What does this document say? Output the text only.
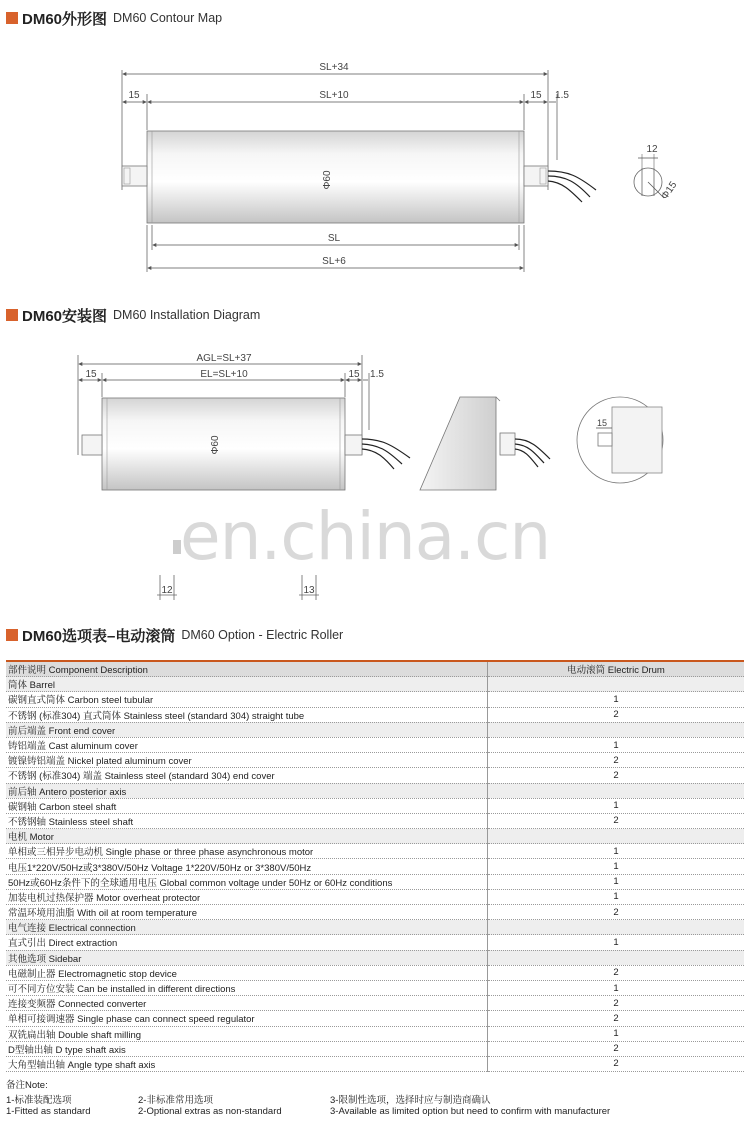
DM60外形图 DM60 Contour Map
SL+34
15	SL+10	15 1.5
Φ60
SL
SL+6
12
Φ15
DM60安装图 DM60 Installation Diagram
AGL=SL+37
15	EL=SL+10	15 1.5
Φ60
15
12	13
en.china.cn
DM60选项表–电动滚筒 DM60 Option - Electric Roller
部件说明 Component Description	电动滚筒 Electric Drum
筒体 Barrel	
碳钢直式筒体 Carbon steel tubular	1
不锈钢 (标准304) 直式筒体 Stainless steel (standard 304) straight tube	2
前后端盖 Front end cover	
铸铝端盖 Cast aluminum cover	1
镀镍铸铝端盖 Nickel plated aluminum cover	2
不锈钢 (标准304) 端盖 Stainless steel (standard 304) end cover	2
前后轴 Antero posterior axis	
碳钢轴 Carbon steel shaft	1
不锈钢轴 Stainless steel shaft	2
电机 Motor	
单相或三相异步电动机 Single phase or three phase asynchronous motor	1
电压1*220V/50Hz或3*380V/50Hz Voltage 1*220V/50Hz or 3*380V/50Hz	1
50Hz或60Hz条件下的全球通用电压 Global common voltage under 50Hz or 60Hz conditions	1
加装电机过热保护器 Motor overheat protector	1
常温环境用油脂 With oil at room temperature	2
电气连接 Electrical connection	
直式引出 Direct extraction	1
其他选项 Sidebar	
电磁制止器 Electromagnetic stop device	2
可不同方位安装 Can be installed in different directions	1
连接变频器 Connected converter	2
单相可接调速器 Single phase can connect speed regulator	2
双铣扁出轴 Double shaft milling	1
D型轴出轴 D type shaft axis	2
大角型轴出轴 Angle type shaft axis	2
备注Note:
1-标准装配选项	2-非标准常用选项	3-限制性选项，选择时应与制造商确认
1-Fitted as standard	2-Optional extras as non-standard	3-Available as limited option but need to confirm with manufacturer
